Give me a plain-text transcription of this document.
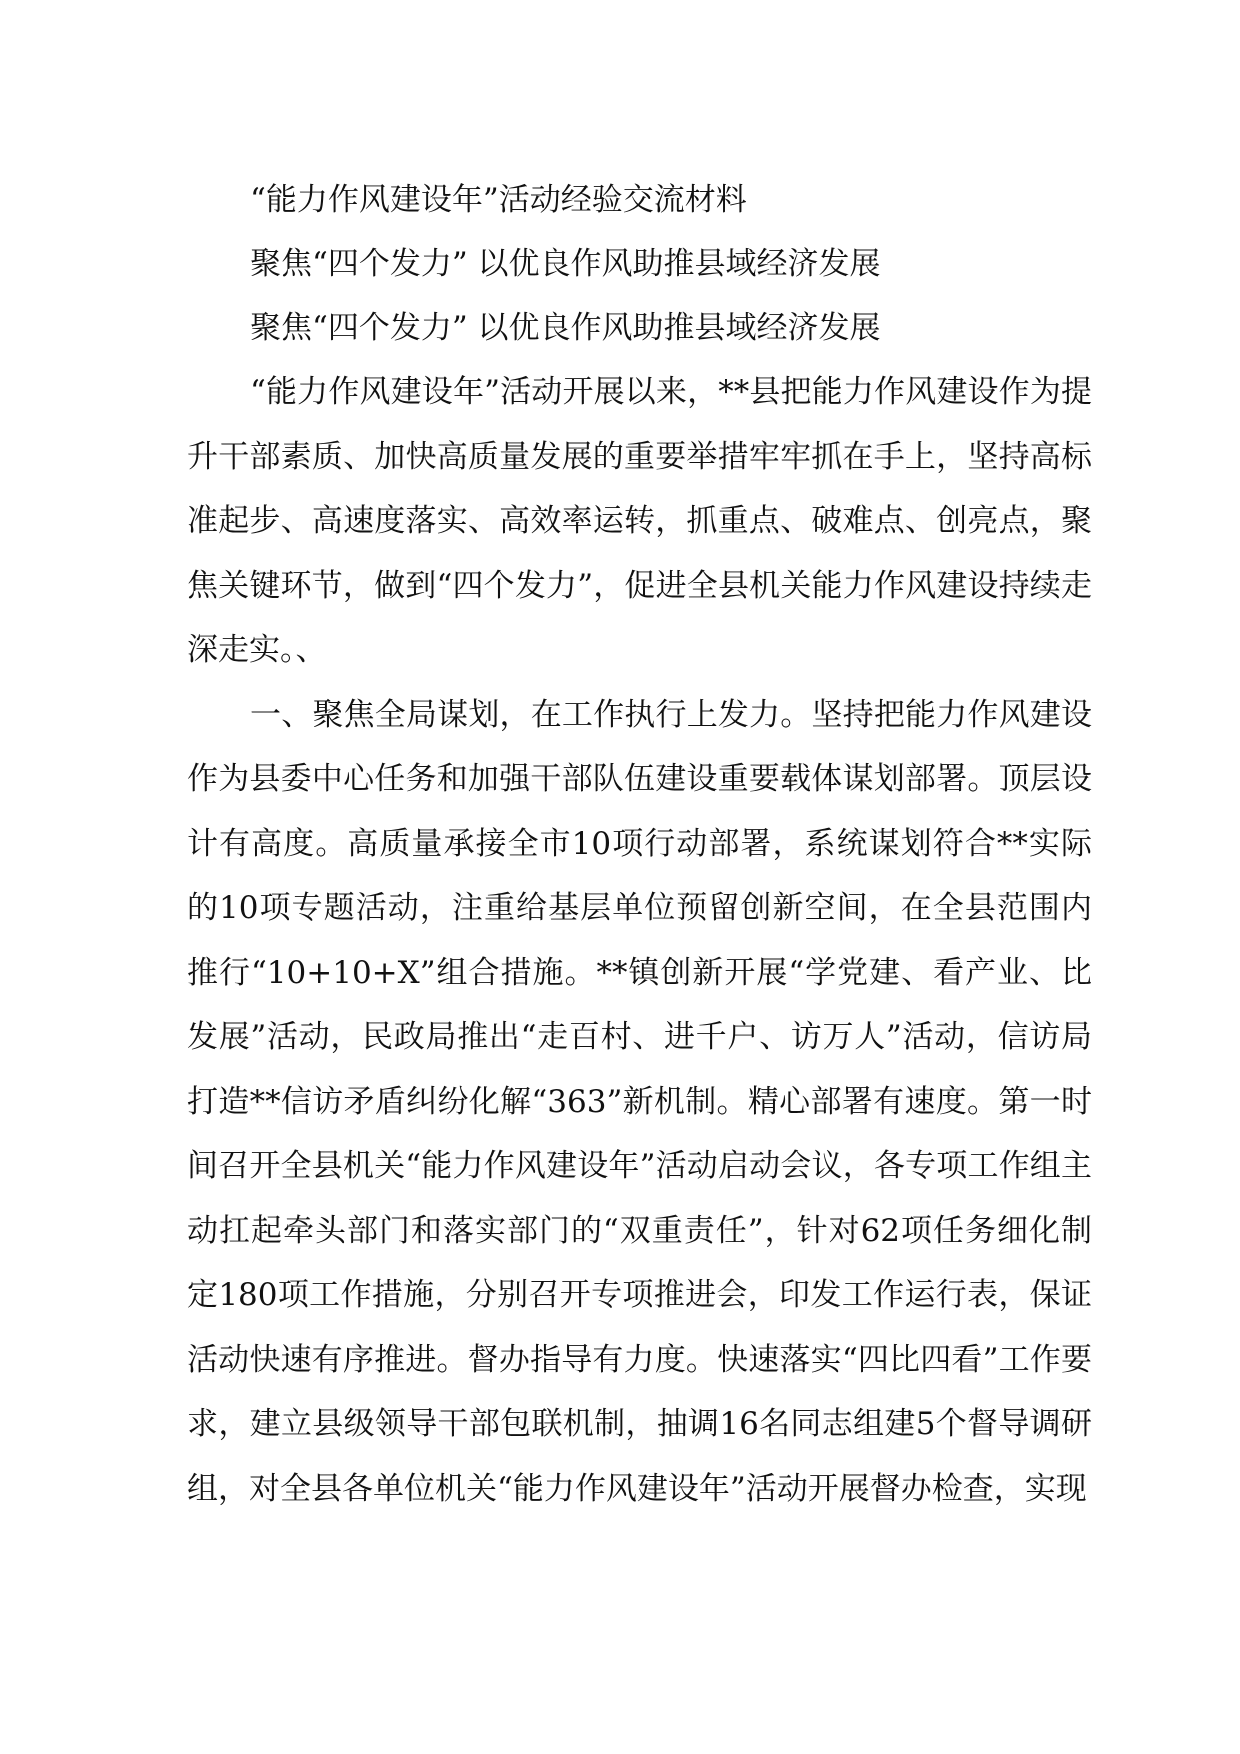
“能力作风建设年”活动经验交流材料

聚焦“四个发力” 以优良作风助推县域经济发展

聚焦“四个发力” 以优良作风助推县域经济发展

“能力作风建设年”活动开展以来，**县把能力作风建设作为提升干部素质、加快高质量发展的重要举措牢牢抓在手上，坚持高标准起步、高速度落实、高效率运转，抓重点、破难点、创亮点，聚焦关键环节，做到“四个发力”，促进全县机关能力作风建设持续走深走实。、

一、聚焦全局谋划，在工作执行上发力。坚持把能力作风建设作为县委中心任务和加强干部队伍建设重要载体谋划部署。顶层设计有高度。高质量承接全市10项行动部署，系统谋划符合**实际的10项专题活动，注重给基层单位预留创新空间，在全县范围内推行“10+10+X”组合措施。**镇创新开展“学党建、看产业、比发展”活动，民政局推出“走百村、进千户、访万人”活动，信访局打造**信访矛盾纠纷化解“363”新机制。精心部署有速度。第一时间召开全县机关“能力作风建设年”活动启动会议，各专项工作组主动扛起牵头部门和落实部门的“双重责任”，针对62项任务细化制定180项工作措施，分别召开专项推进会，印发工作运行表，保证活动快速有序推进。督办指导有力度。快速落实“四比四看”工作要求，建立县级领导干部包联机制，抽调16名同志组建5个督导调研组，对全县各单位机关“能力作风建设年”活动开展督办检查，实现
